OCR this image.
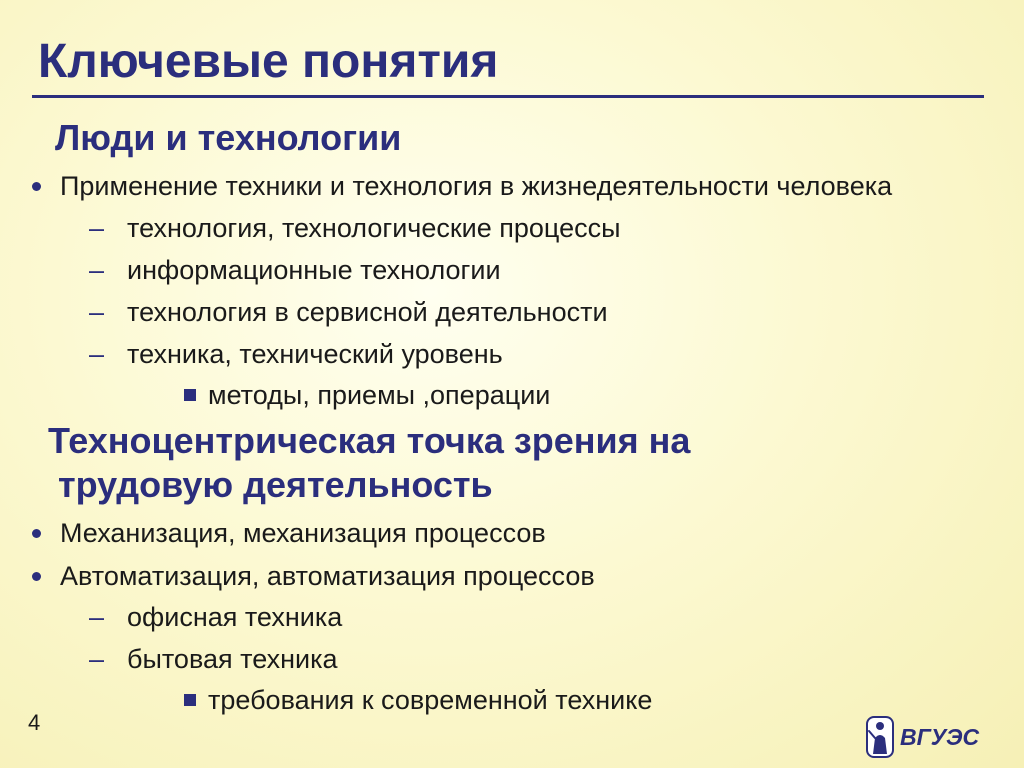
Ключевые понятия
Люди и технологии
Применение техники и технология в жизнедеятельности человека
– технология, технологические процессы
– информационные технологии
– технология в сервисной деятельности
– техника, технический уровень
методы, приемы ,операции
Техноцентрическая точка зрения на
трудовую деятельность
Механизация, механизация процессов
Автоматизация, автоматизация процессов
– офисная техника
– бытовая техника
требования к современной технике
4
ВГУЭС
